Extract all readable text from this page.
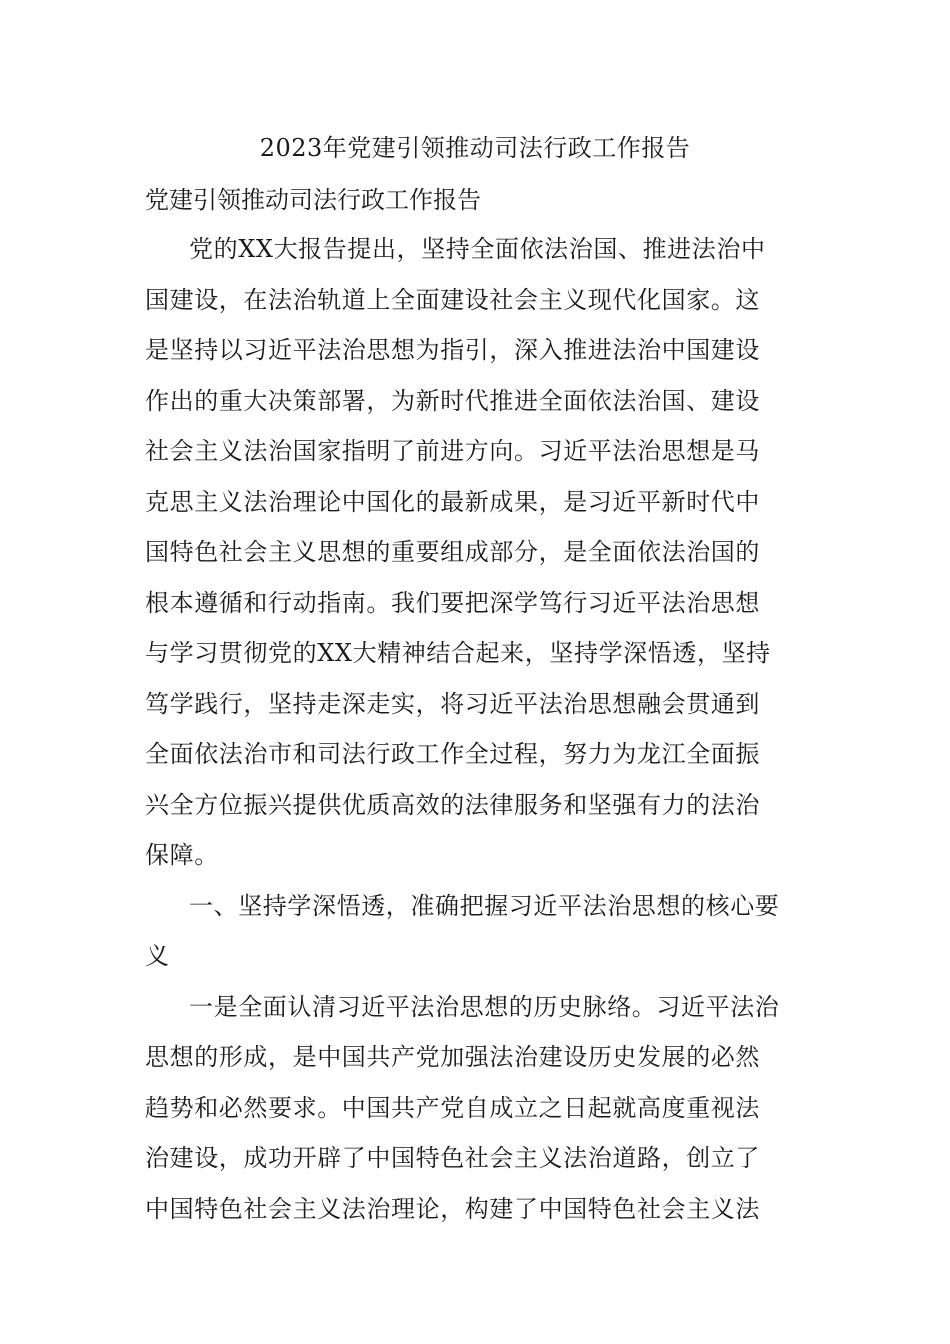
2023年党建引领推动司法行政工作报告
党建引领推动司法行政工作报告
党的XX大报告提出，坚持全面依法治国、推进法治中
国建设，在法治轨道上全面建设社会主义现代化国家。这
是坚持以习近平法治思想为指引，深入推进法治中国建设
作出的重大决策部署，为新时代推进全面依法治国、建设
社会主义法治国家指明了前进方向。习近平法治思想是马
克思主义法治理论中国化的最新成果，是习近平新时代中
国特色社会主义思想的重要组成部分，是全面依法治国的
根本遵循和行动指南。我们要把深学笃行习近平法治思想
与学习贯彻党的XX大精神结合起来，坚持学深悟透，坚持
笃学践行，坚持走深走实，将习近平法治思想融会贯通到
全面依法治市和司法行政工作全过程，努力为龙江全面振
兴全方位振兴提供优质高效的法律服务和坚强有力的法治
保障。
一、坚持学深悟透，准确把握习近平法治思想的核心要
义
一是全面认清习近平法治思想的历史脉络。习近平法治
思想的形成，是中国共产党加强法治建设历史发展的必然
趋势和必然要求。中国共产党自成立之日起就高度重视法
治建设，成功开辟了中国特色社会主义法治道路，创立了
中国特色社会主义法治理论，构建了中国特色社会主义法
